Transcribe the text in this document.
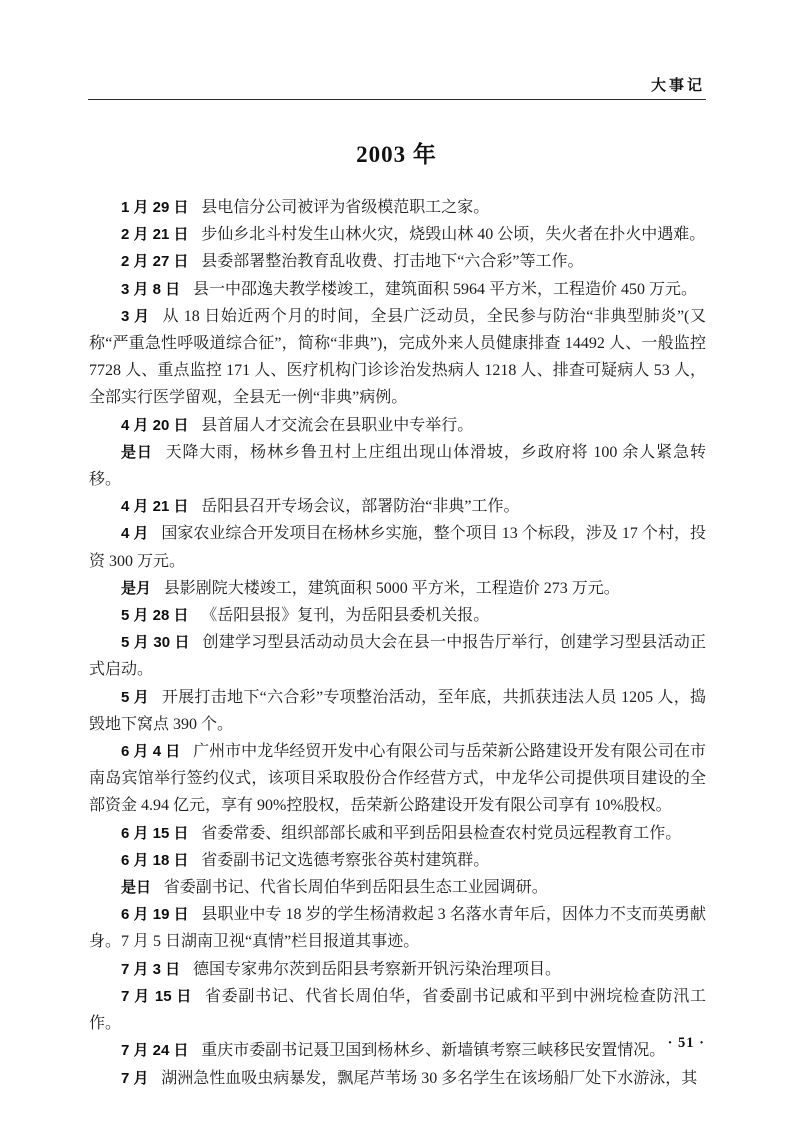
大事记
2003 年

1 月 29 日 县电信分公司被评为省级模范职工之家。

2 月 21 日 步仙乡北斗村发生山林火灾，烧毁山林 40 公顷，失火者在扑火中遇难。

2 月 27 日 县委部署整治教育乱收费、打击地下“六合彩”等工作。

3 月 8 日 县一中邵逸夫教学楼竣工，建筑面积 5964 平方米，工程造价 450 万元。

3 月 从 18 日始近两个月的时间，全县广泛动员，全民参与防治“非典型肺炎”(又称“严重急性呼吸道综合征”，简称“非典”)，完成外来人员健康排查 14492 人、一般监控 7728 人、重点监控 171 人、医疗机构门诊诊治发热病人 1218 人、排查可疑病人 53 人，全部实行医学留观，全县无一例“非典”病例。

4 月 20 日 县首届人才交流会在县职业中专举行。

是日 天降大雨，杨林乡鲁丑村上庄组出现山体滑坡，乡政府将 100 余人紧急转移。

4 月 21 日 岳阳县召开专场会议，部署防治“非典”工作。

4 月 国家农业综合开发项目在杨林乡实施，整个项目 13 个标段，涉及 17 个村，投资 300 万元。

是月 县影剧院大楼竣工，建筑面积 5000 平方米，工程造价 273 万元。

5 月 28 日 《岳阳县报》复刊，为岳阳县委机关报。

5 月 30 日 创建学习型县活动动员大会在县一中报告厅举行，创建学习型县活动正式启动。

5 月 开展打击地下“六合彩”专项整治活动，至年底，共抓获违法人员 1205 人，捣毁地下窝点 390 个。

6 月 4 日 广州市中龙华经贸开发中心有限公司与岳荣新公路建设开发有限公司在市南岛宾馆举行签约仪式，该项目采取股份合作经营方式，中龙华公司提供项目建设的全部资金 4.94 亿元，享有 90%控股权，岳荣新公路建设开发有限公司享有 10%股权。

6 月 15 日 省委常委、组织部部长戚和平到岳阳县检查农村党员远程教育工作。

6 月 18 日 省委副书记文选德考察张谷英村建筑群。

是日 省委副书记、代省长周伯华到岳阳县生态工业园调研。

6 月 19 日 县职业中专 18 岁的学生杨清救起 3 名落水青年后，因体力不支而英勇献身。7 月 5 日湖南卫视“真情”栏目报道其事迹。

7 月 3 日 德国专家弗尔茨到岳阳县考察新开钒污染治理项目。

7 月 15 日 省委副书记、代省长周伯华，省委副书记戚和平到中洲垸检查防汛工作。

7 月 24 日 重庆市委副书记聂卫国到杨林乡、新墙镇考察三峡移民安置情况。

7 月 湖洲急性血吸虫病暴发，飘尾芦苇场 30 多名学生在该场船厂处下水游泳，其

· 51 ·
